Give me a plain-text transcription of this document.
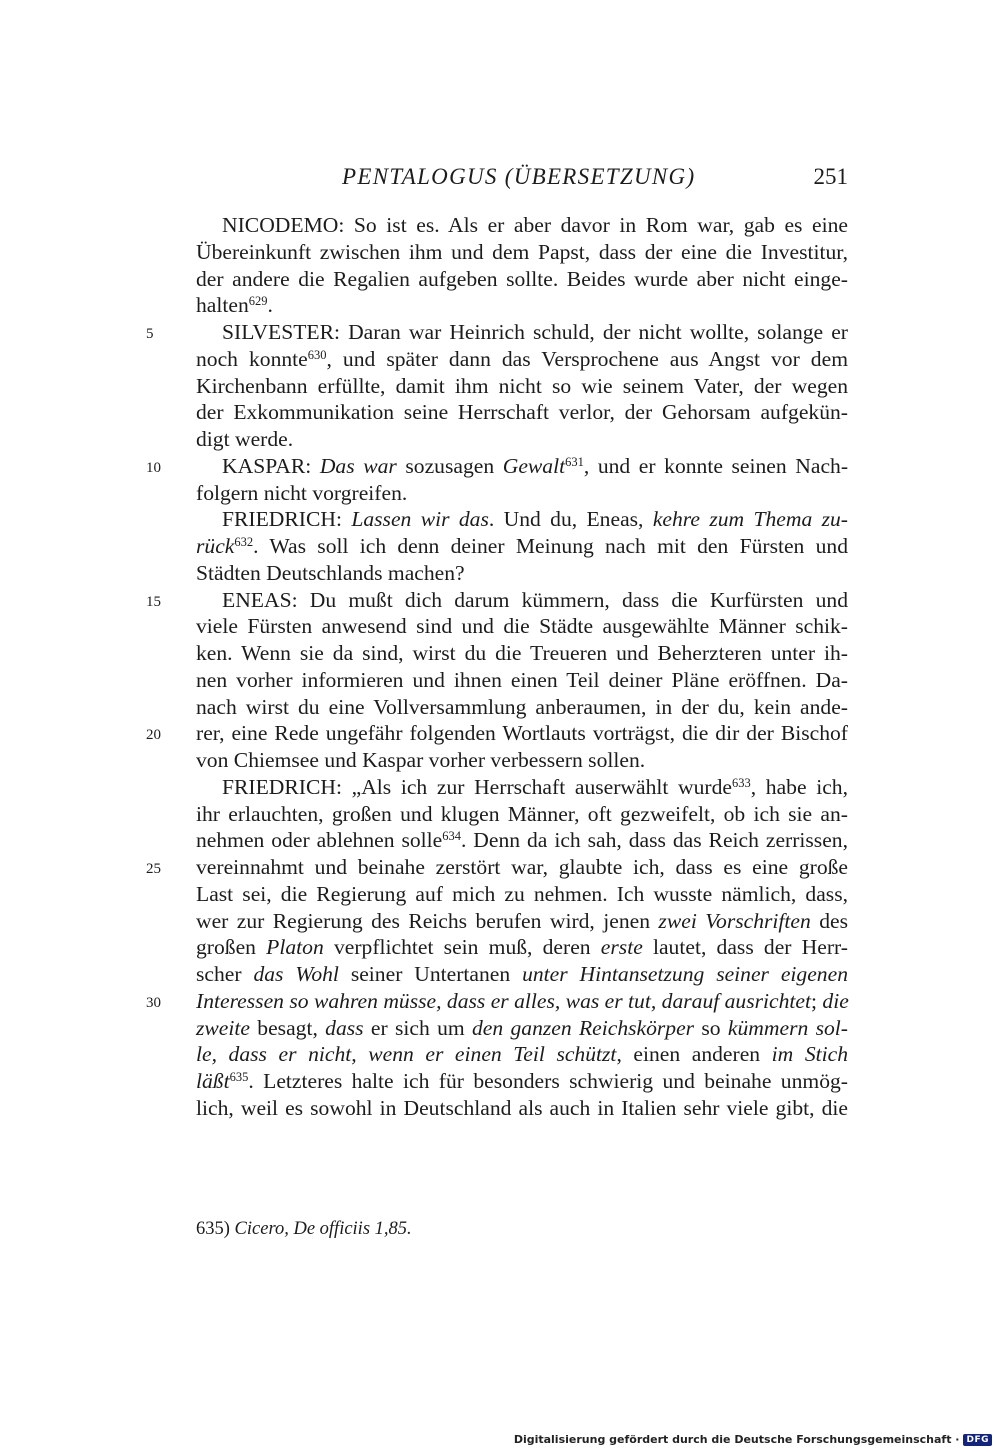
PENTALOGUS (ÜBERSETZUNG)	251
5
10
15
20
25
30
NICODEMO: So ist es. Als er aber davor in Rom war, gab es eine
Übereinkunft zwischen ihm und dem Papst, dass der eine die Investitur,
der andere die Regalien aufgeben sollte. Beides wurde aber nicht einge-
halten$^{629}$.
SILVESTER: Daran war Heinrich schuld, der nicht wollte, solange er
noch konnte$^{630}$, und später dann das Versprochene aus Angst vor dem
Kirchenbann erfüllte, damit ihm nicht so wie seinem Vater, der wegen
der Exkommunikation seine Herrschaft verlor, der Gehorsam aufgekün-
digt werde.
KASPAR: Das war sozusagen Gewalt$^{631}$, und er konnte seinen Nach-
folgern nicht vorgreifen.
FRIEDRICH: Lassen wir das. Und du, Eneas, kehre zum Thema zu-
rück$^{632}$. Was soll ich denn deiner Meinung nach mit den Fürsten und
Städten Deutschlands machen?
ENEAS: Du mußt dich darum kümmern, dass die Kurfürsten und
viele Fürsten anwesend sind und die Städte ausgewählte Männer schik-
ken. Wenn sie da sind, wirst du die Treueren und Beherzteren unter ih-
nen vorher informieren und ihnen einen Teil deiner Pläne eröffnen. Da-
nach wirst du eine Vollversammlung anberaumen, in der du, kein ande-
rer, eine Rede ungefähr folgenden Wortlauts vorträgst, die dir der Bischof
von Chiemsee und Kaspar vorher verbessern sollen.
FRIEDRICH: „Als ich zur Herrschaft auserwählt wurde$^{633}$, habe ich,
ihr erlauchten, großen und klugen Männer, oft gezweifelt, ob ich sie an-
nehmen oder ablehnen solle$^{634}$. Denn da ich sah, dass das Reich zerrissen,
vereinnahmt und beinahe zerstört war, glaubte ich, dass es eine große
Last sei, die Regierung auf mich zu nehmen. Ich wusste nämlich, dass,
wer zur Regierung des Reichs berufen wird, jenen zwei Vorschriften des
großen Platon verpflichtet sein muß, deren erste lautet, dass der Herr-
scher das Wohl seiner Untertanen unter Hintansetzung seiner eigenen
Interessen so wahren müsse, dass er alles, was er tut, darauf ausrichtet; die
zweite besagt, dass er sich um den ganzen Reichskörper so kümmern sol-
le, dass er nicht, wenn er einen Teil schützt, einen anderen im Stich
läßt$^{635}$. Letzteres halte ich für besonders schwierig und beinahe unmög-
lich, weil es sowohl in Deutschland als auch in Italien sehr viele gibt, die
635) Cicero, De officiis 1,85.
Digitalisierung gefördert durch die Deutsche Forschungsgemeinschaft · DFG
